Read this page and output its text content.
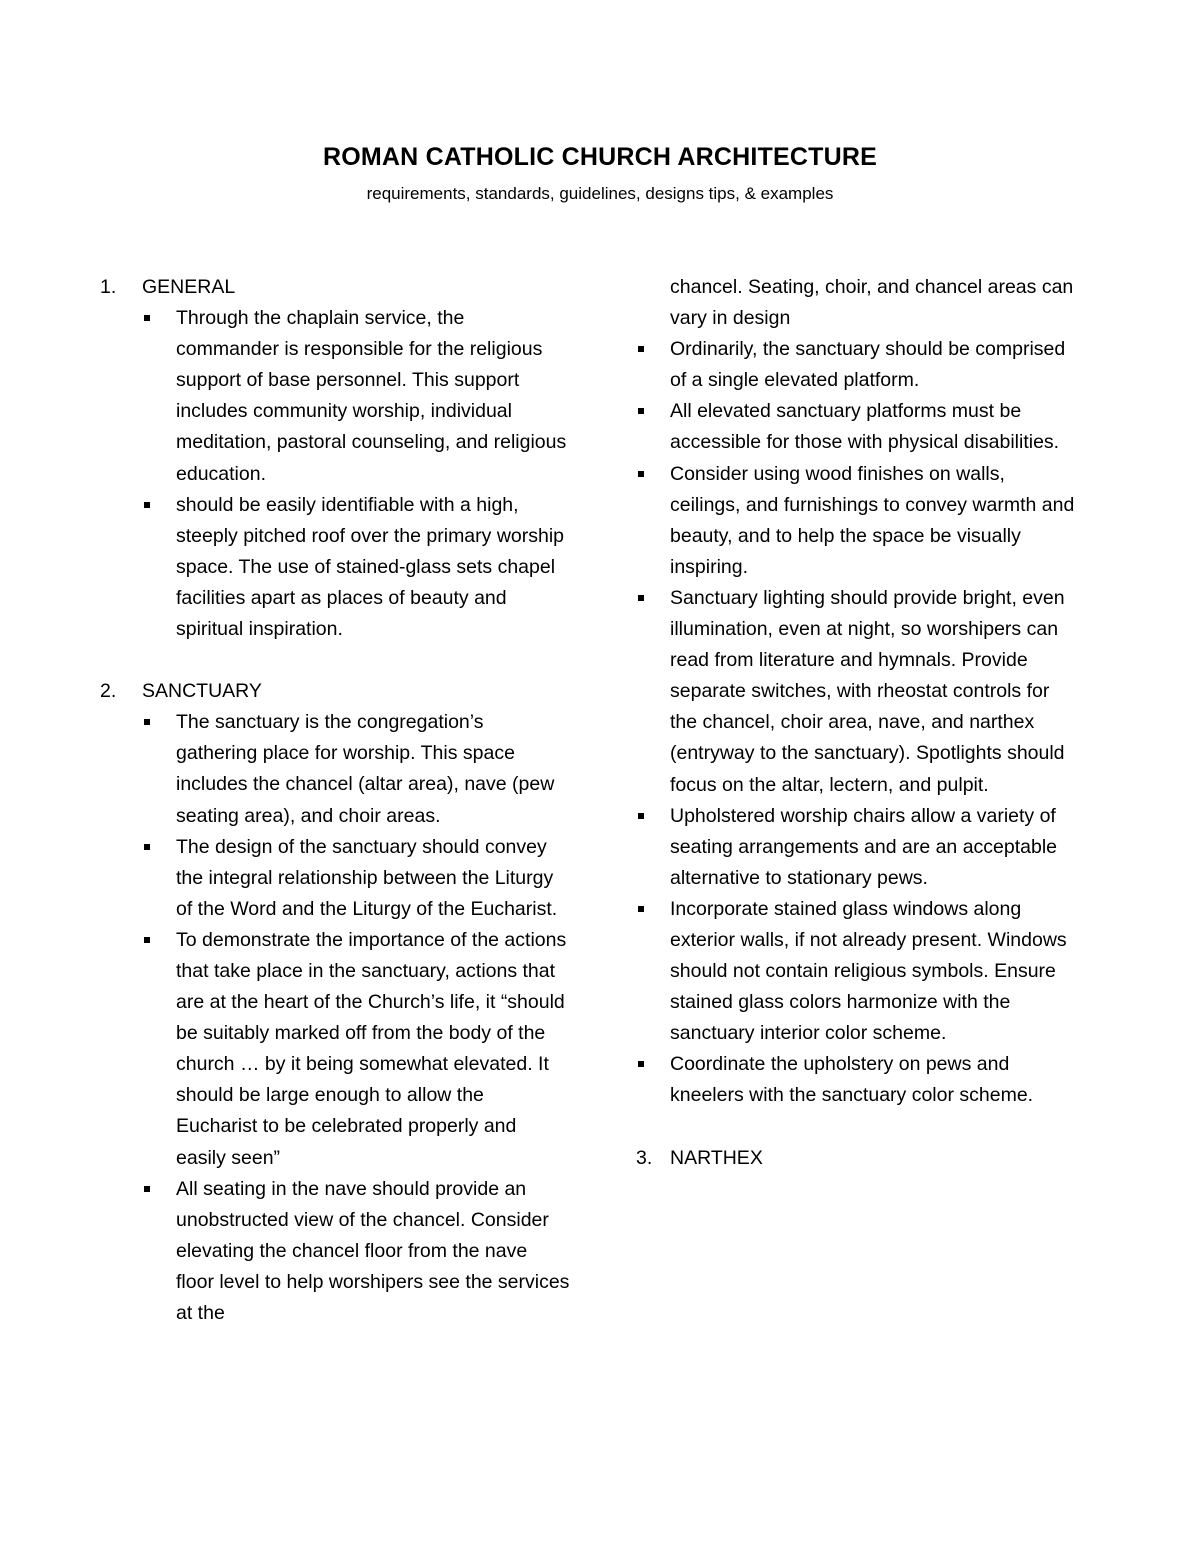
ROMAN CATHOLIC CHURCH ARCHITECTURE
requirements, standards, guidelines, designs tips, & examples
1. GENERAL
Through the chaplain service, the commander is responsible for the religious support of base personnel. This support includes community worship, individual meditation, pastoral counseling, and religious education.
should be easily identifiable with a high, steeply pitched roof over the primary worship space. The use of stained-glass sets chapel facilities apart as places of beauty and spiritual inspiration.
2. SANCTUARY
The sanctuary is the congregation’s gathering place for worship. This space includes the chancel (altar area), nave (pew seating area), and choir areas.
The design of the sanctuary should convey the integral relationship between the Liturgy of the Word and the Liturgy of the Eucharist.
To demonstrate the importance of the actions that take place in the sanctuary, actions that are at the heart of the Church’s life, it “should be suitably marked off from the body of the church … by it being somewhat elevated. It should be large enough to allow the Eucharist to be celebrated properly and easily seen”
All seating in the nave should provide an unobstructed view of the chancel. Consider elevating the chancel floor from the nave floor level to help worshipers see the services at the
chancel. Seating, choir, and chancel areas can vary in design
Ordinarily, the sanctuary should be comprised of a single elevated platform.
All elevated sanctuary platforms must be accessible for those with physical disabilities.
Consider using wood finishes on walls, ceilings, and furnishings to convey warmth and beauty, and to help the space be visually inspiring.
Sanctuary lighting should provide bright, even illumination, even at night, so worshipers can read from literature and hymnals. Provide separate switches, with rheostat controls for the chancel, choir area, nave, and narthex (entryway to the sanctuary). Spotlights should focus on the altar, lectern, and pulpit.
Upholstered worship chairs allow a variety of seating arrangements and are an acceptable alternative to stationary pews.
Incorporate stained glass windows along exterior walls, if not already present. Windows should not contain religious symbols. Ensure stained glass colors harmonize with the sanctuary interior color scheme.
Coordinate the upholstery on pews and kneelers with the sanctuary color scheme.
3. NARTHEX
